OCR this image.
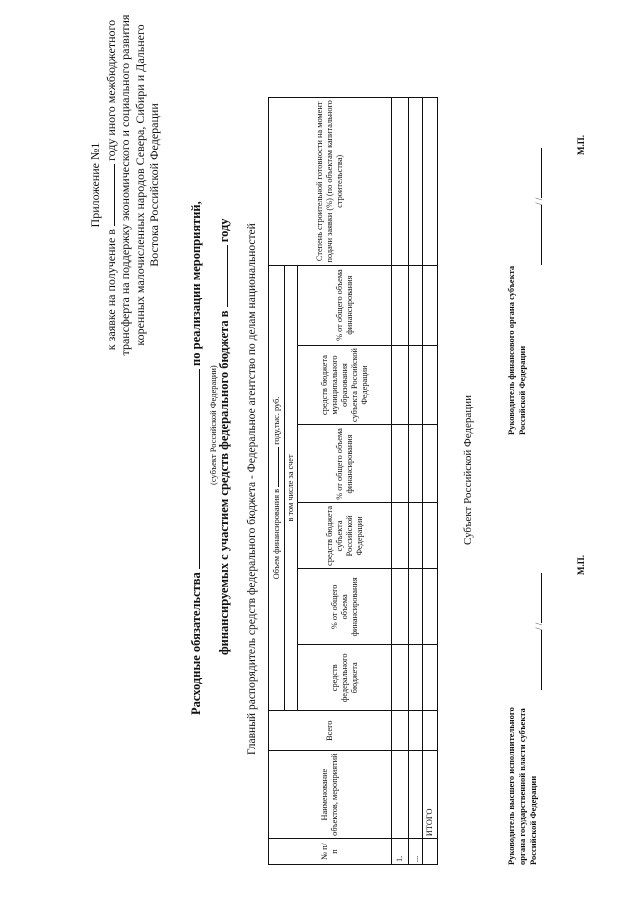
Приложение №1
к заявке на получение в  году иного межбюджетного трансферта на поддержку экономического и социального развития коренных малочисленных народов Севера, Сибири и Дальнего Востока Российской Федерации
Расходные обязательства  по реализации мероприятий,
(субъект Российской Федерации) финансируемых с участием средств федерального бюджета в  году Главный распорядитель средств федерального бюджета - Федеральное агентство по делам национальностей
№ п/п	Наименование объектов, мероприятий	Всего	Объем финансирования в  году,тыс. руб.						Степень строительной готовности на момент подачи заявки (%) (по объектам капитального строительства)
			в том числе за счет						
			средств федерального бюджета	% от общего объема финансирования	средств бюджета субъекта Российской Федерации	% от общего объема финансирования	средств бюджета муниципального образования субъекта Российской Федерации	% от общего объема финансирования	
1.									
...									
	ИТОГО								
Субъект Российской Федерации
Руководитель высшего исполнительного органа государственной власти субъекта Российской Федерации
/ /
Руководитель финансового органа субъекта Российской Федерации
/ /
М.П.
М.П.
